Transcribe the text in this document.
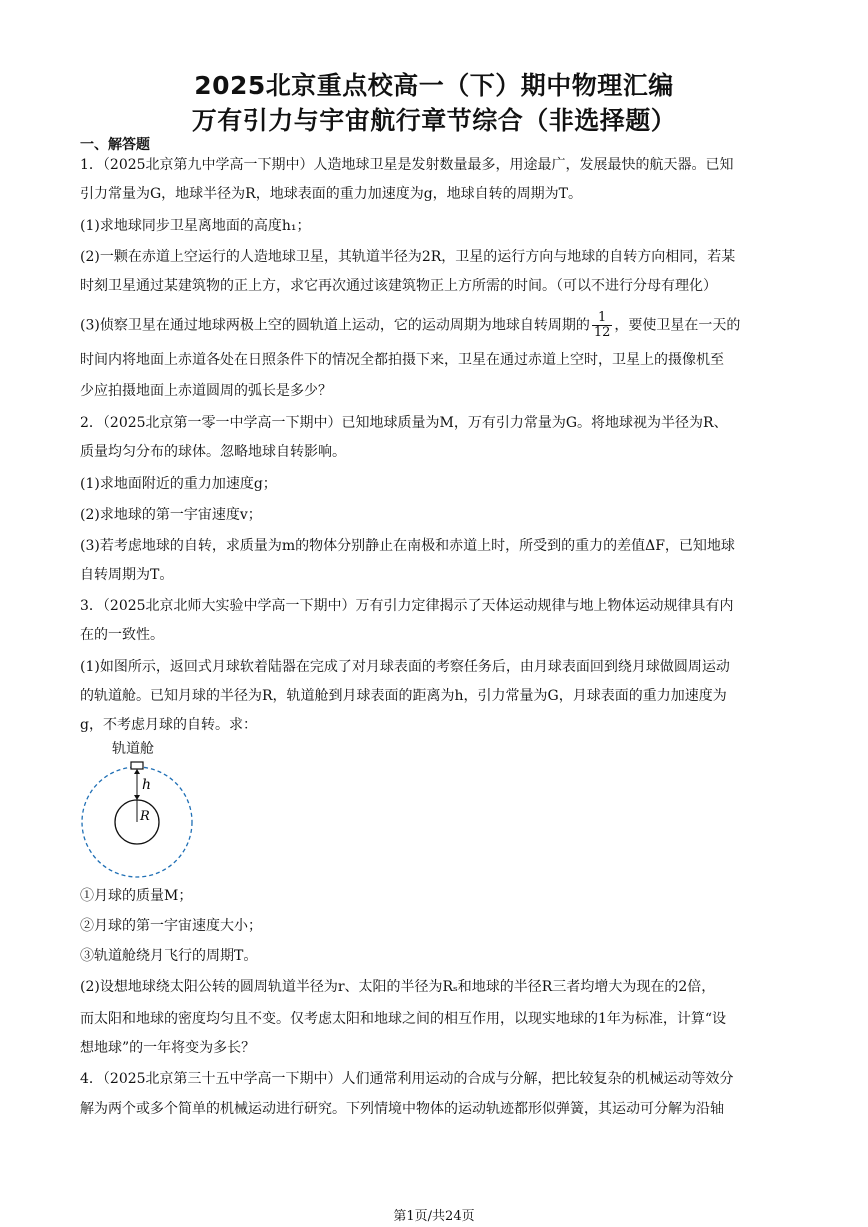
2025北京重点校高一（下）期中物理汇编
万有引力与宇宙航行章节综合（非选择题）
一、解答题
1．（2025北京第九中学高一下期中）人造地球卫星是发射数量最多，用途最广，发展最快的航天器。已知
引力常量为G，地球半径为R，地球表面的重力加速度为g，地球自转的周期为T。
(1)求地球同步卫星离地面的高度h₁；
(2)一颗在赤道上空运行的人造地球卫星，其轨道半径为2R，卫星的运行方向与地球的自转方向相同，若某
时刻卫星通过某建筑物的正上方，求它再次通过该建筑物正上方所需的时间。（可以不进行分母有理化）
(3)侦察卫星在通过地球两极上空的圆轨道上运动，它的运动周期为地球自转周期的 $\frac{1}{12}$ ，要使卫星在一天的
时间内将地面上赤道各处在日照条件下的情况全都拍摄下来，卫星在通过赤道上空时，卫星上的摄像机至
少应拍摄地面上赤道圆周的弧长是多少？
2．（2025北京第一零一中学高一下期中）已知地球质量为M，万有引力常量为G。将地球视为半径为R、
质量均匀分布的球体。忽略地球自转影响。
(1)求地面附近的重力加速度g；
(2)求地球的第一宇宙速度v；
(3)若考虑地球的自转，求质量为m的物体分别静止在南极和赤道上时，所受到的重力的差值ΔF，已知地球
自转周期为T。
3．（2025北京北师大实验中学高一下期中）万有引力定律揭示了天体运动规律与地上物体运动规律具有内
在的一致性。
(1)如图所示，返回式月球软着陆器在完成了对月球表面的考察任务后，由月球表面回到绕月球做圆周运动
的轨道舱。已知月球的半径为R，轨道舱到月球表面的距离为h，引力常量为G，月球表面的重力加速度为
g，不考虑月球的自转。求：
轨道舱
h
R
①月球的质量M；
②月球的第一宇宙速度大小；
③轨道舱绕月飞行的周期T。
(2)设想地球绕太阳公转的圆周轨道半径为r、太阳的半径为Rₛ和地球的半径R三者均增大为现在的2倍，
而太阳和地球的密度均匀且不变。仅考虑太阳和地球之间的相互作用，以现实地球的1年为标准，计算“设
想地球”的一年将变为多长？
4．（2025北京第三十五中学高一下期中）人们通常利用运动的合成与分解，把比较复杂的机械运动等效分
解为两个或多个简单的机械运动进行研究。下列情境中物体的运动轨迹都形似弹簧，其运动可分解为沿轴
第1页/共24页
